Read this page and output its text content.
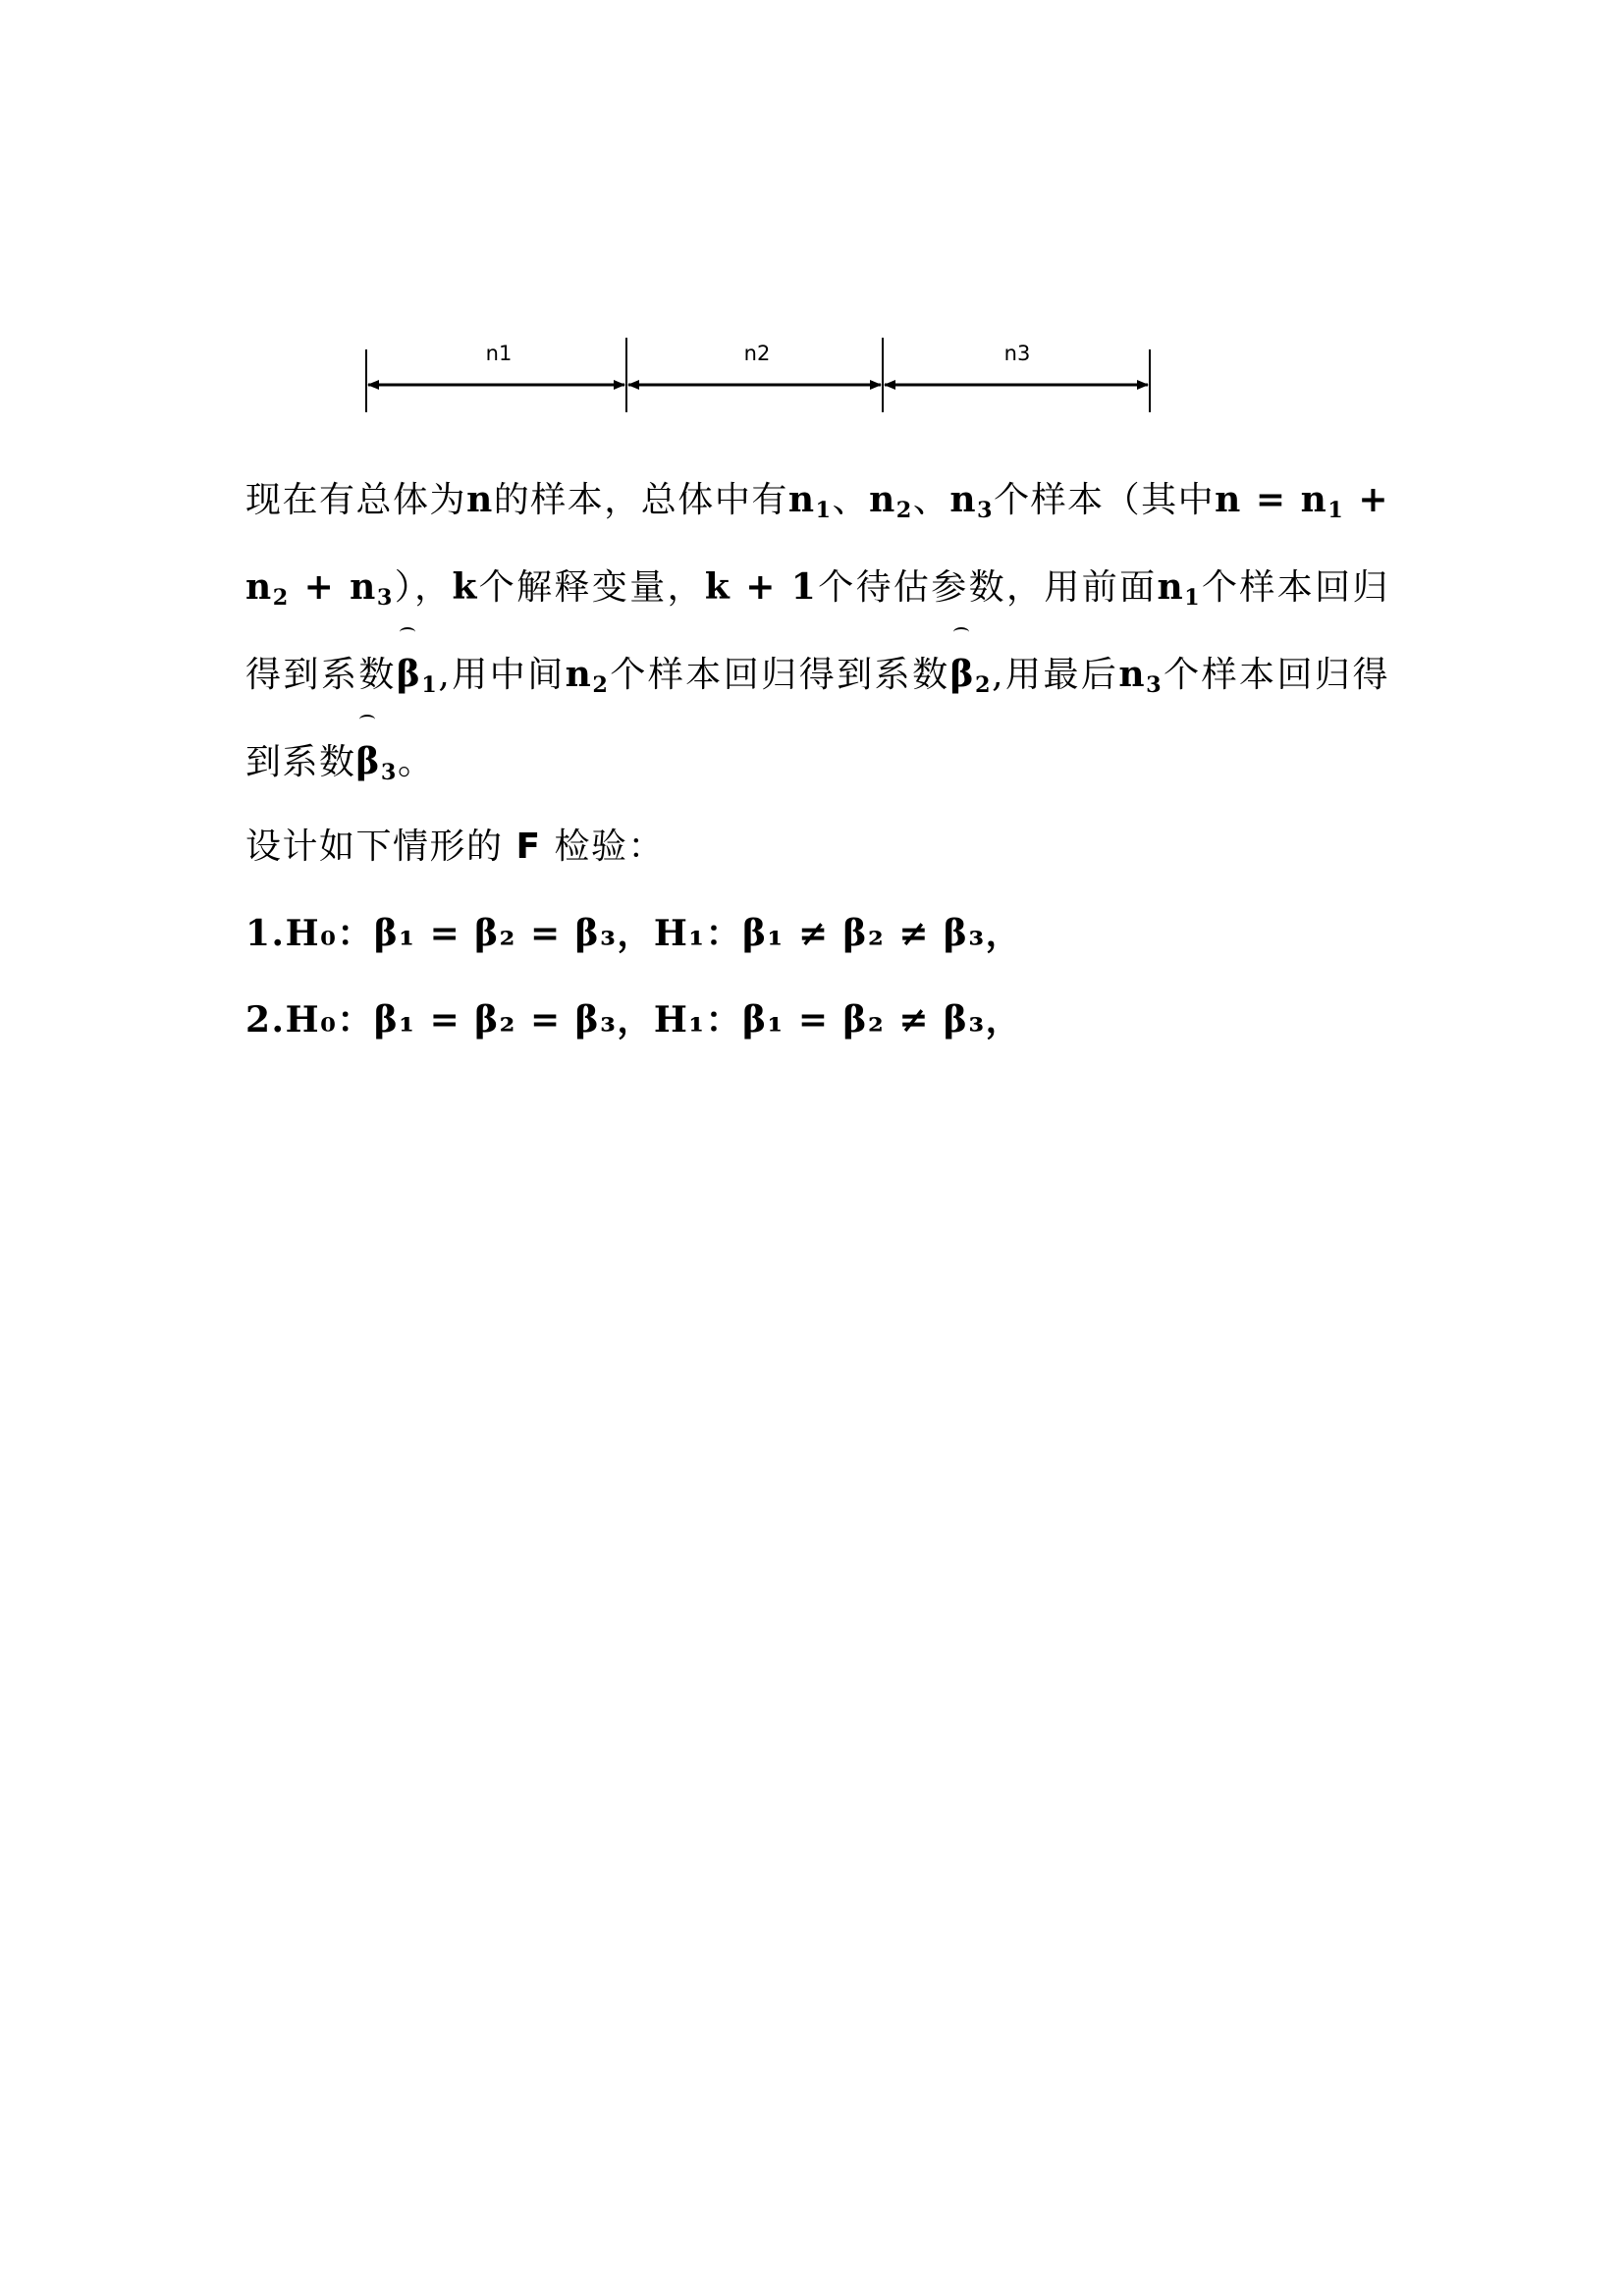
n1	n2	n3

现在有总体为n的样本，总体中有$n_1$、$n_2$、$n_3$个样本（其中$n = n_1 + n_2 + n_3$），k个解释变量，k + 1个待估参数，用前面$n_1$个样本回归得到系数$\beta_1$,用中间$n_2$个样本回归得到系数$\beta_2$,用最后$n_3$个样本回归得到系数$\beta_3$。

设计如下情形的 F 检验：

1.H₀：β₁ = β₂ = β₃，H₁：β₁ ≠ β₂ ≠ β₃，

2.H₀：β₁ = β₂ = β₃，H₁：β₁ = β₂ ≠ β₃，
